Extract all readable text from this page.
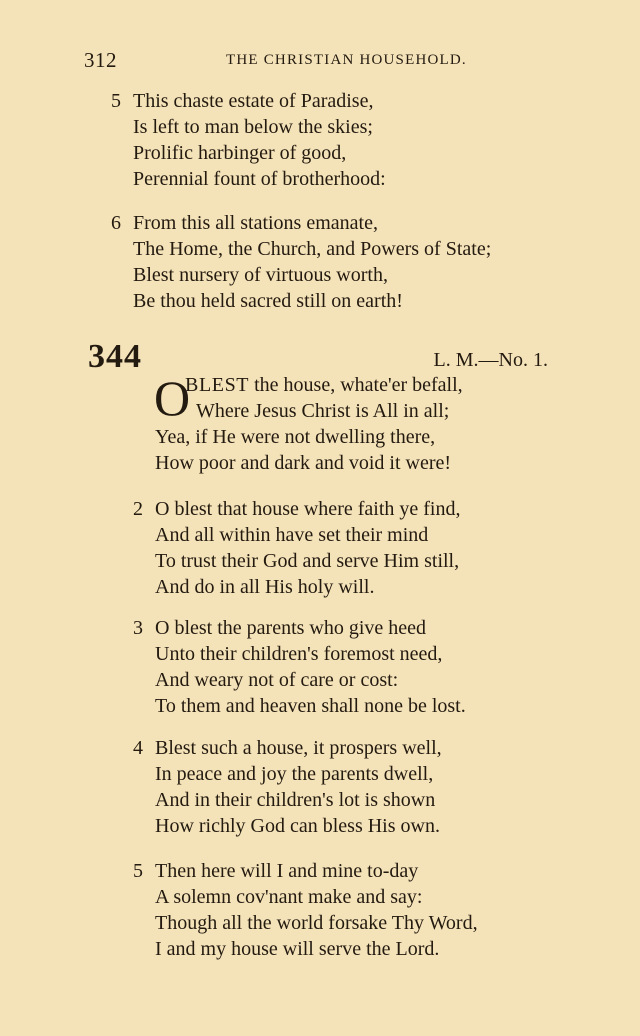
312	THE CHRISTIAN HOUSEHOLD.
5 This chaste estate of Paradise,
Is left to man below the skies;
Prolific harbinger of good,
Perennial fount of brotherhood:
6 From this all stations emanate,
The Home, the Church, and Powers of State;
Blest nursery of virtuous worth,
Be thou held sacred still on earth!
344	L. M.—No. 1.
O
BLEST the house, whate'er befall,
Where Jesus Christ is All in all;
Yea, if He were not dwelling there,
How poor and dark and void it were!
2 O blest that house where faith ye find,
And all within have set their mind
To trust their God and serve Him still,
And do in all His holy will.
3 O blest the parents who give heed
Unto their children's foremost need,
And weary not of care or cost:
To them and heaven shall none be lost.
4 Blest such a house, it prospers well,
In peace and joy the parents dwell,
And in their children's lot is shown
How richly God can bless His own.
5 Then here will I and mine to-day
A solemn cov'nant make and say:
Though all the world forsake Thy Word,
I and my house will serve the Lord.
